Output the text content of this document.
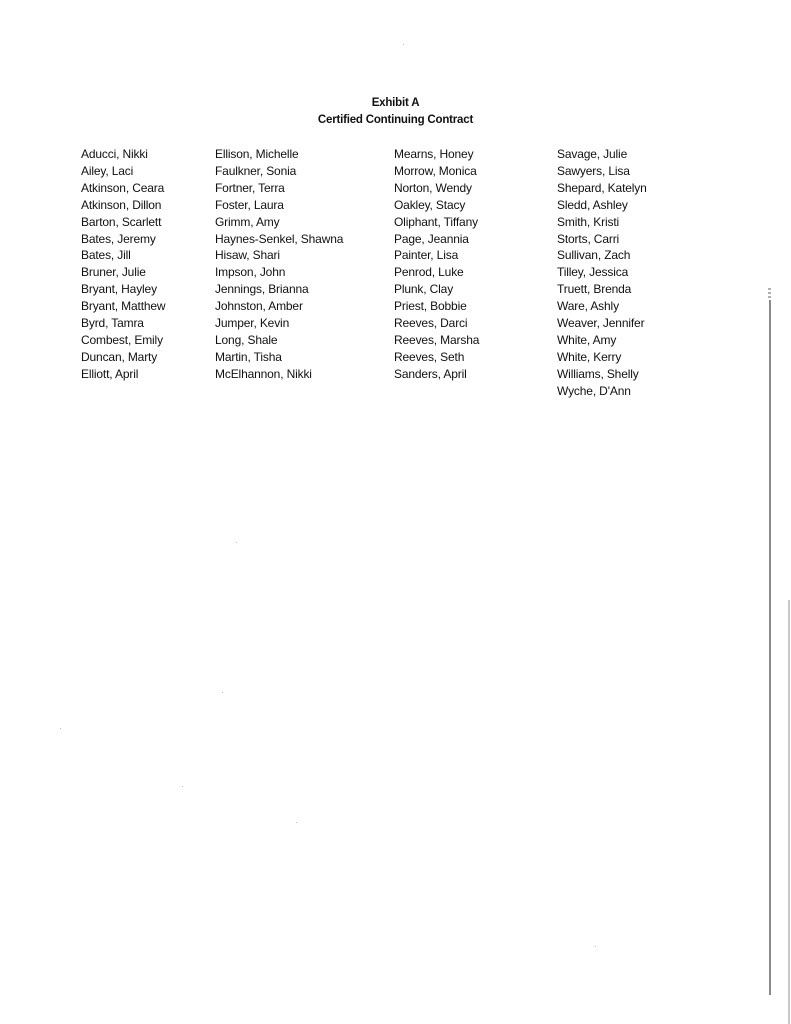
Exhibit A
Certified Continuing Contract
Aducci, Nikki
Ailey, Laci
Atkinson, Ceara
Atkinson, Dillon
Barton, Scarlett
Bates, Jeremy
Bates, Jill
Bruner, Julie
Bryant, Hayley
Bryant, Matthew
Byrd, Tamra
Combest, Emily
Duncan, Marty
Elliott, April
Ellison, Michelle
Faulkner, Sonia
Fortner, Terra
Foster, Laura
Grimm, Amy
Haynes-Senkel, Shawna
Hisaw, Shari
Impson, John
Jennings, Brianna
Johnston, Amber
Jumper, Kevin
Long, Shale
Martin, Tisha
McElhannon, Nikki
Mearns, Honey
Morrow, Monica
Norton, Wendy
Oakley, Stacy
Oliphant, Tiffany
Page, Jeannia
Painter, Lisa
Penrod, Luke
Plunk, Clay
Priest, Bobbie
Reeves, Darci
Reeves, Marsha
Reeves, Seth
Sanders, April
Savage, Julie
Sawyers, Lisa
Shepard, Katelyn
Sledd, Ashley
Smith, Kristi
Storts, Carri
Sullivan, Zach
Tilley, Jessica
Truett, Brenda
Ware, Ashly
Weaver, Jennifer
White, Amy
White, Kerry
Williams, Shelly
Wyche, D'Ann
